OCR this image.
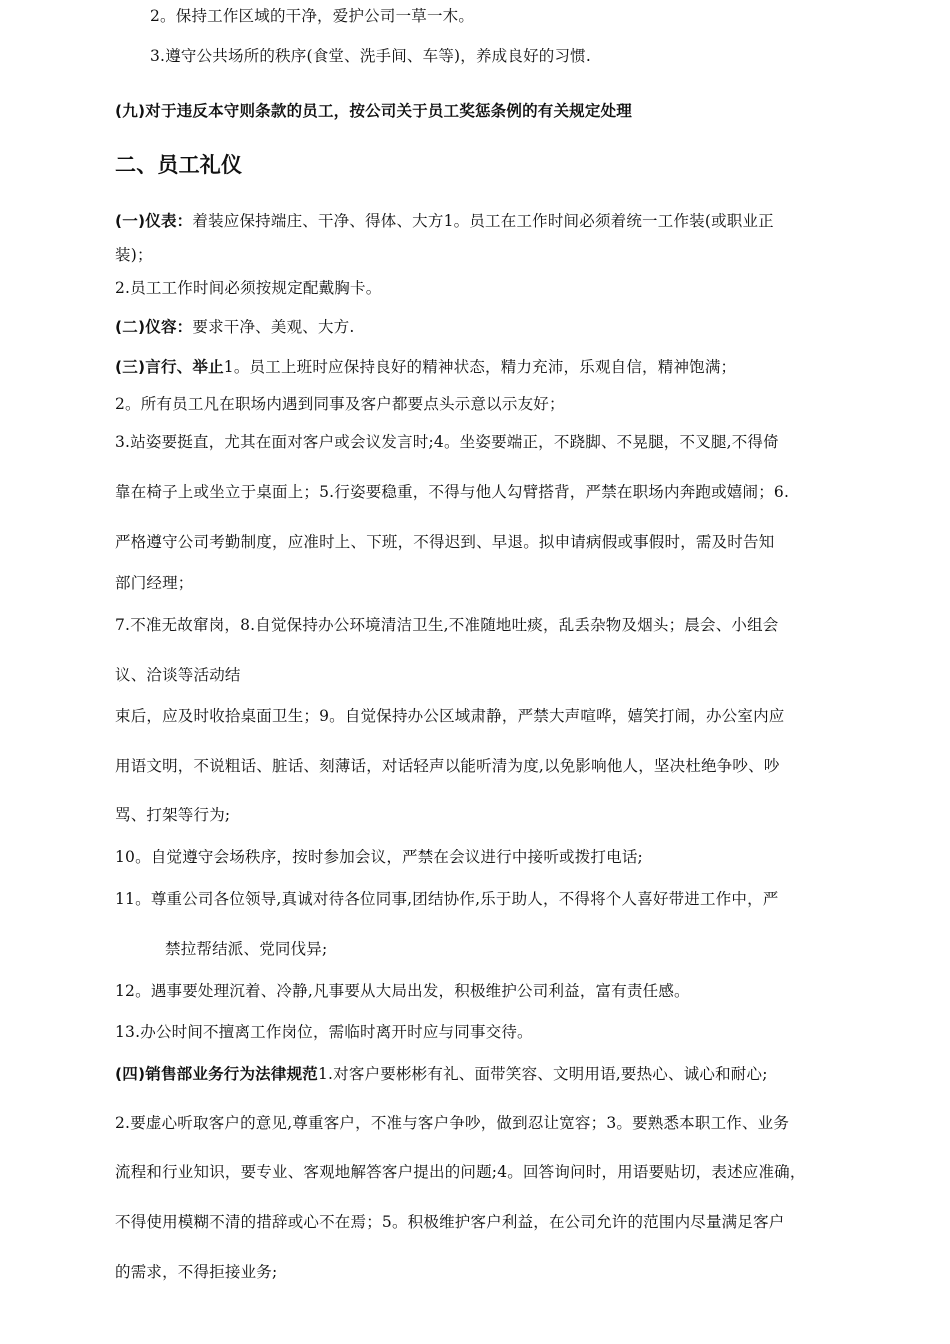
2。保持工作区域的干净，爱护公司一草一木。
3.遵守公共场所的秩序(食堂、洗手间、车等)，养成良好的习惯.
(九)对于违反本守则条款的员工，按公司关于员工奖惩条例的有关规定处理
二、员工礼仪
(一)仪表：着装应保持端庄、干净、得体、大方1。员工在工作时间必须着统一工作装(或职业正
装)；
2.员工工作时间必须按规定配戴胸卡。
(二)仪容：要求干净、美观、大方.
(三)言行、举止1。员工上班时应保持良好的精神状态，精力充沛，乐观自信，精神饱满；
2。所有员工凡在职场内遇到同事及客户都要点头示意以示友好；
3.站姿要挺直，尤其在面对客户或会议发言时;4。坐姿要端正，不跷脚、不晃腿，不叉腿,不得倚
靠在椅子上或坐立于桌面上；5.行姿要稳重，不得与他人勾臂搭背，严禁在职场内奔跑或嬉闹；6.
严格遵守公司考勤制度，应准时上、下班，不得迟到、早退。拟申请病假或事假时，需及时告知
部门经理；
7.不准无故窜岗，8.自觉保持办公环境清洁卫生,不准随地吐痰，乱丢杂物及烟头；晨会、小组会
议、洽谈等活动结
束后，应及时收拾桌面卫生；9。自觉保持办公区域肃静，严禁大声喧哗，嬉笑打闹，办公室内应
用语文明，不说粗话、脏话、刻薄话，对话轻声以能听清为度,以免影响他人，坚决杜绝争吵、吵
骂、打架等行为;
10。自觉遵守会场秩序，按时参加会议，严禁在会议进行中接听或拨打电话;
11。尊重公司各位领导,真诚对待各位同事,团结协作,乐于助人，不得将个人喜好带进工作中，严
禁拉帮结派、党同伐异;
12。遇事要处理沉着、冷静,凡事要从大局出发，积极维护公司利益，富有责任感。
13.办公时间不擅离工作岗位，需临时离开时应与同事交待。
(四)销售部业务行为法律规范1.对客户要彬彬有礼、面带笑容、文明用语,要热心、诚心和耐心;
2.要虚心听取客户的意见,尊重客户，不准与客户争吵，做到忍让宽容；3。要熟悉本职工作、业务
流程和行业知识，要专业、客观地解答客户提出的问题;4。回答询问时，用语要贴切，表述应准确，
不得使用模糊不清的措辞或心不在焉；5。积极维护客户利益，在公司允许的范围内尽量满足客户
的需求，不得拒接业务;
